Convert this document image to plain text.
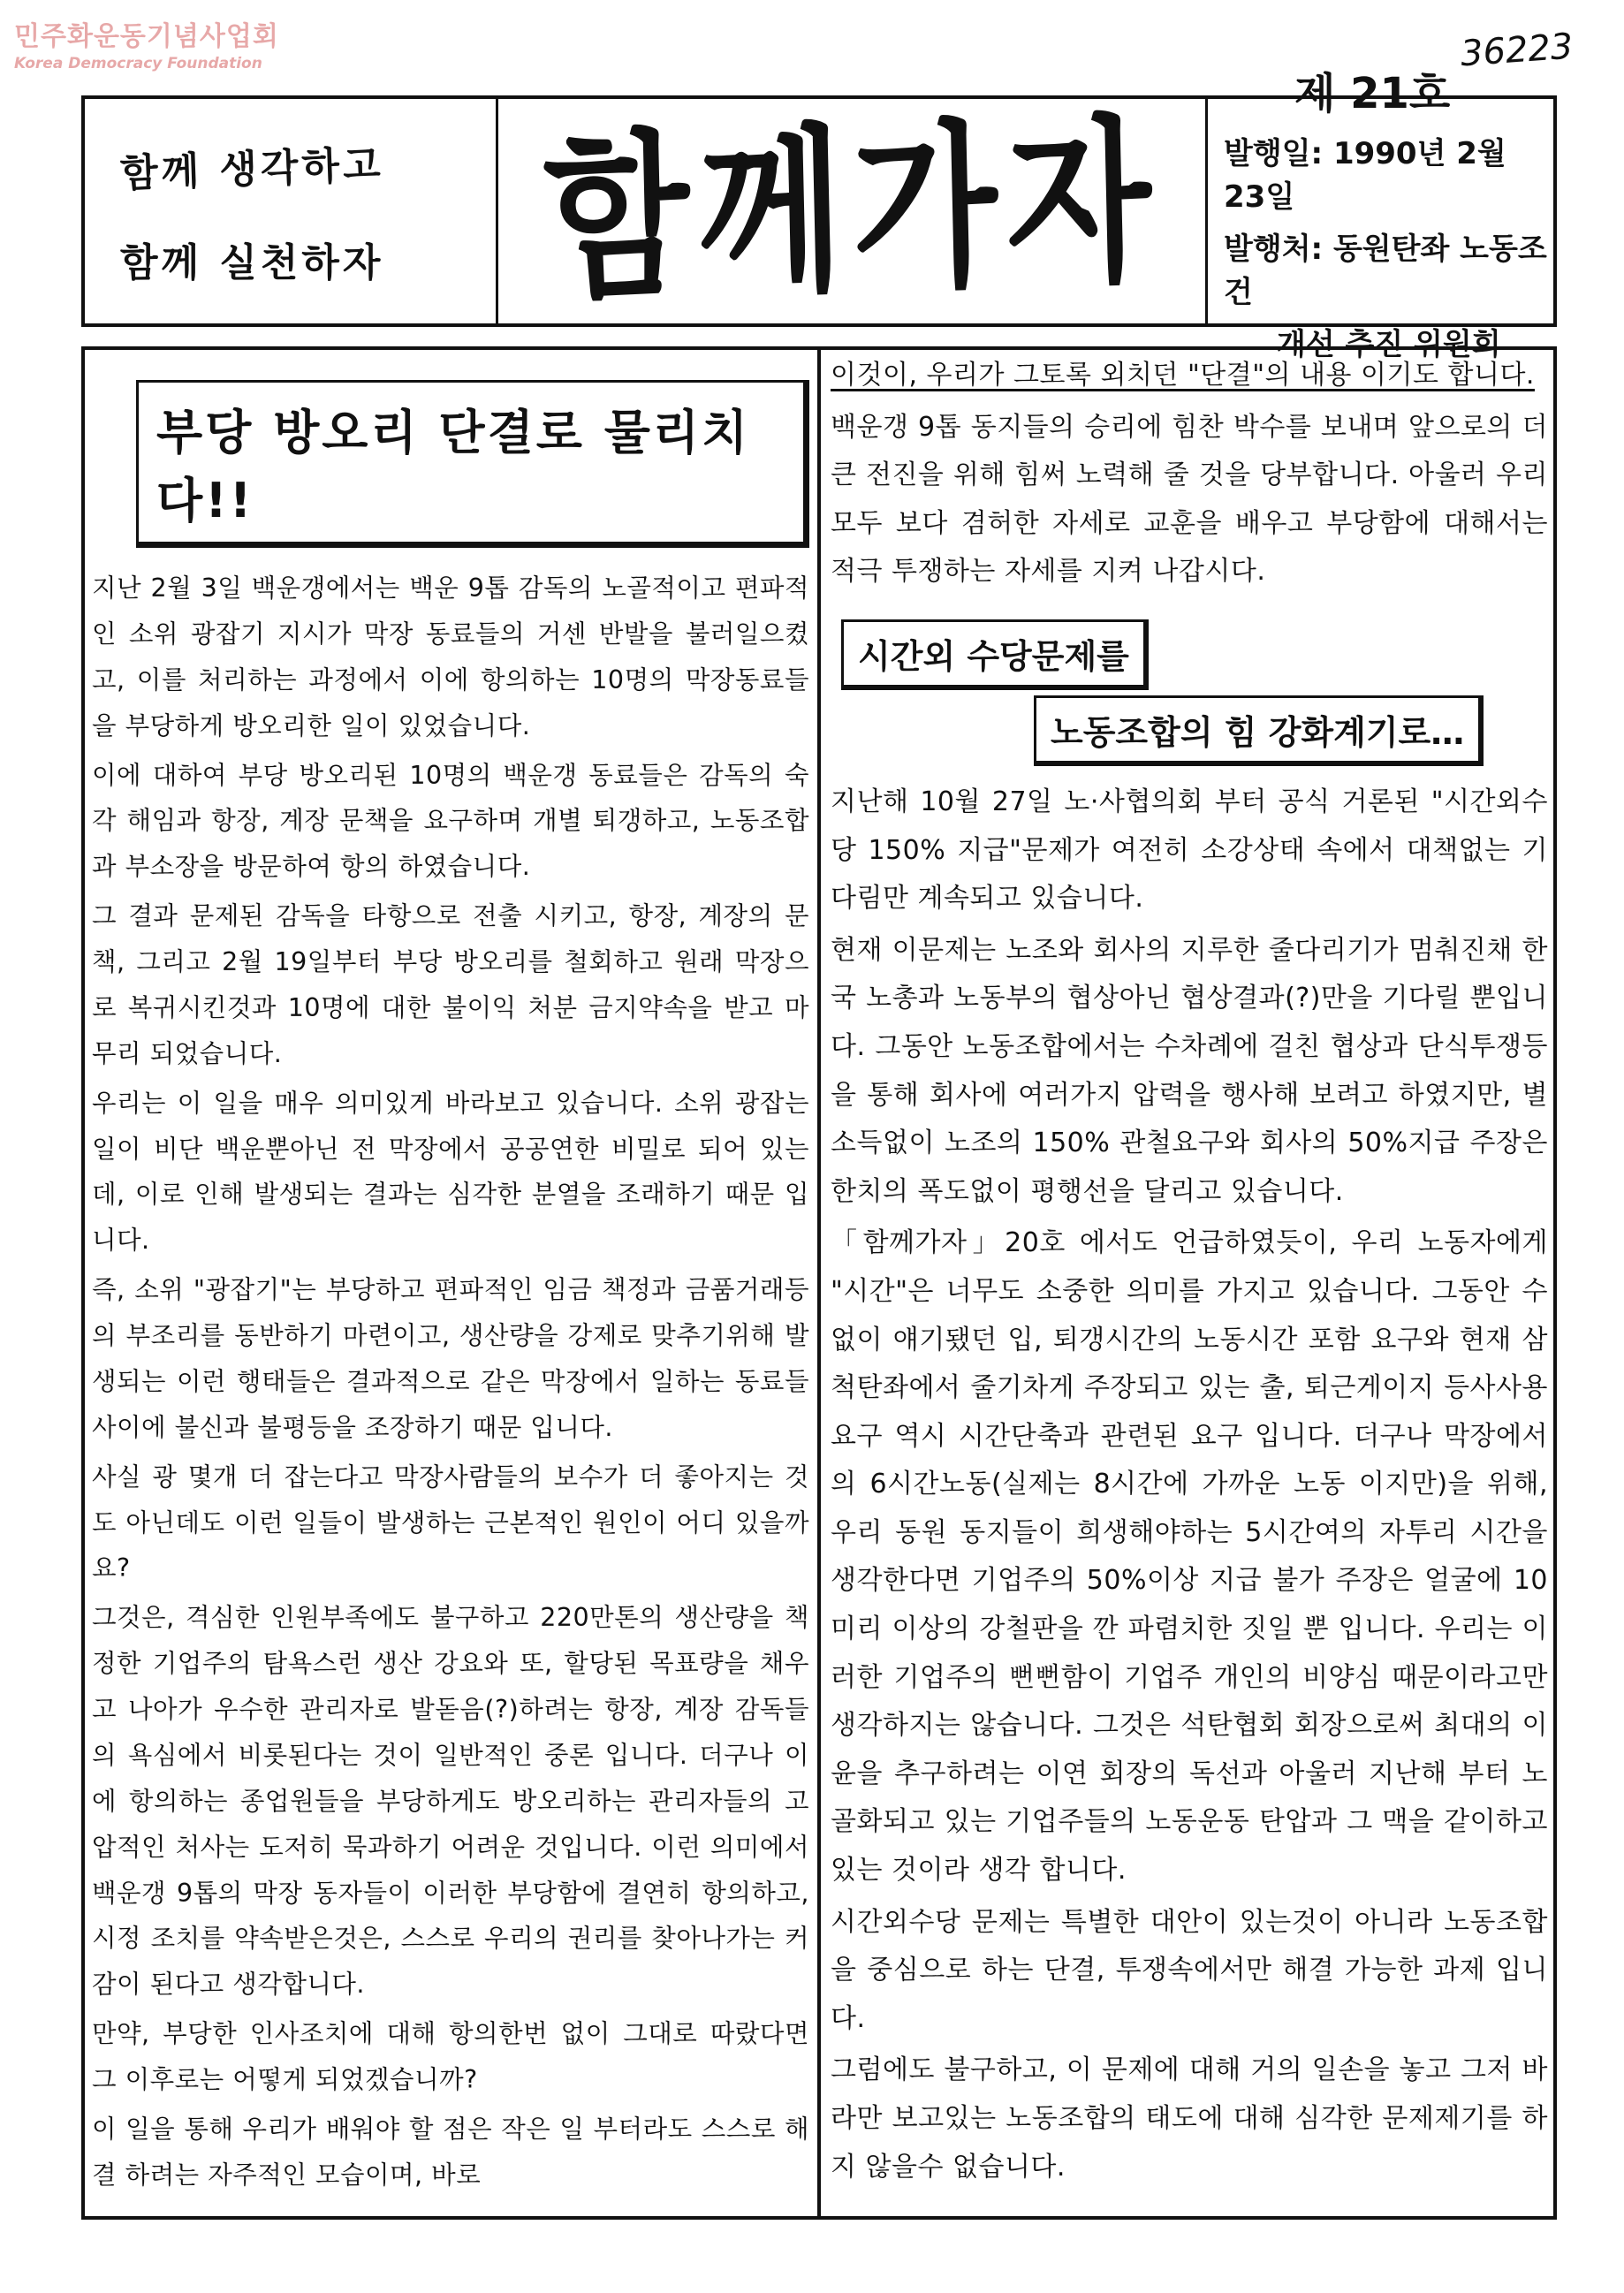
민주화운동기념사업회
Korea Democracy Foundation	36223
함께 생각하고
함께 실천하자	함께가자
제 21호
발행일: 1990년 2월 23일
발행처: 동원탄좌 노동조건
개선 추진 위원회
부당 방오리 단결로 물리치다!!

지난 2월 3일 백운갱에서는 백운 9톱 감독의 노골적이고 편파적인 소위 광잡기 지시가 막장 동료들의 거센 반발을 불러일으켰고, 이를 처리하는 과정에서 이에 항의하는 10명의 막장동료들을 부당하게 방오리한 일이 있었습니다.

이에 대하여 부당 방오리된 10명의 백운갱 동료들은 감독의 숙각 해임과 항장, 계장 문책을 요구하며 개별 퇴갱하고, 노동조합과 부소장을 방문하여 항의 하였습니다.

그 결과 문제된 감독을 타항으로 전출 시키고, 항장, 계장의 문책, 그리고 2월 19일부터 부당 방오리를 철회하고 원래 막장으로 복귀시킨것과 10명에 대한 불이익 처분 금지약속을 받고 마무리 되었습니다.

우리는 이 일을 매우 의미있게 바라보고 있습니다. 소위 광잡는 일이 비단 백운뿐아닌 전 막장에서 공공연한 비밀로 되어 있는데, 이로 인해 발생되는 결과는 심각한 분열을 조래하기 때문 입니다.

즉, 소위 "광잡기"는 부당하고 편파적인 임금 책정과 금품거래등의 부조리를 동반하기 마련이고, 생산량을 강제로 맞추기위해 발생되는 이런 행태들은 결과적으로 같은 막장에서 일하는 동료들 사이에 불신과 불평등을 조장하기 때문 입니다.

사실 광 몇개 더 잡는다고 막장사람들의 보수가 더 좋아지는 것도 아닌데도 이런 일들이 발생하는 근본적인 원인이 어디 있을까요?

그것은, 격심한 인원부족에도 불구하고 220만톤의 생산량을 책정한 기업주의 탐욕스런 생산 강요와 또, 할당된 목표량을 채우고 나아가 우수한 관리자로 발돋음(?)하려는 항장, 계장 감독들의 욕심에서 비롯된다는 것이 일반적인 중론 입니다. 더구나 이에 항의하는 종업원들을 부당하게도 방오리하는 관리자들의 고압적인 처사는 도저히 묵과하기 어려운 것입니다. 이런 의미에서 백운갱 9톱의 막장 동자들이 이러한 부당함에 결연히 항의하고, 시정 조치를 약속받은것은, 스스로 우리의 권리를 찾아나가는 커감이 된다고 생각합니다.

만약, 부당한 인사조치에 대해 항의한번 없이 그대로 따랐다면 그 이후로는 어떻게 되었겠습니까?

이 일을 통해 우리가 배워야 할 점은 작은 일 부터라도 스스로 해결 하려는 자주적인 모습이며, 바로

이것이, 우리가 그토록 외치던 "단결"의 내용 이기도 합니다.

백운갱 9톱 동지들의 승리에 힘찬 박수를 보내며 앞으로의 더 큰 전진을 위해 힘써 노력해 줄 것을 당부합니다. 아울러 우리 모두 보다 겸허한 자세로 교훈을 배우고 부당함에 대해서는 적극 투쟁하는 자세를 지켜 나갑시다.

시간외 수당문제를
노동조합의 힘 강화계기로…

지난해 10월 27일 노·사협의회 부터 공식 거론된 "시간외수당 150% 지급"문제가 여전히 소강상태 속에서 대책없는 기다림만 계속되고 있습니다.

현재 이문제는 노조와 회사의 지루한 줄다리기가 멈춰진채 한국 노총과 노동부의 협상아닌 협상결과(?)만을 기다릴 뿐입니다. 그동안 노동조합에서는 수차례에 걸친 협상과 단식투쟁등을 통해 회사에 여러가지 압력을 행사해 보려고 하였지만, 별 소득없이 노조의 150% 관철요구와 회사의 50%지급 주장은 한치의 폭도없이 평행선을 달리고 있습니다.

「함께가자」20호 에서도 언급하였듯이, 우리 노동자에게 "시간"은 너무도 소중한 의미를 가지고 있습니다. 그동안 수없이 얘기됐던 입, 퇴갱시간의 노동시간 포함 요구와 현재 삼척탄좌에서 줄기차게 주장되고 있는 출, 퇴근게이지 등사사용 요구 역시 시간단축과 관련된 요구 입니다. 더구나 막장에서의 6시간노동(실제는 8시간에 가까운 노동 이지만)을 위해, 우리 동원 동지들이 희생해야하는 5시간여의 자투리 시간을 생각한다면 기업주의 50%이상 지급 불가 주장은 얼굴에 10미리 이상의 강철판을 깐 파렴치한 짓일 뿐 입니다. 우리는 이러한 기업주의 뻔뻔함이 기업주 개인의 비양심 때문이라고만 생각하지는 않습니다. 그것은 석탄협회 회장으로써 최대의 이윤을 추구하려는 이연 회장의 독선과 아울러 지난해 부터 노골화되고 있는 기업주들의 노동운동 탄압과 그 맥을 같이하고 있는 것이라 생각 합니다.

시간외수당 문제는 특별한 대안이 있는것이 아니라 노동조합을 중심으로 하는 단결, 투쟁속에서만 해결 가능한 과제 입니다.

그럼에도 불구하고, 이 문제에 대해 거의 일손을 놓고 그저 바라만 보고있는 노동조합의 태도에 대해 심각한 문제제기를 하지 않을수 없습니다.
